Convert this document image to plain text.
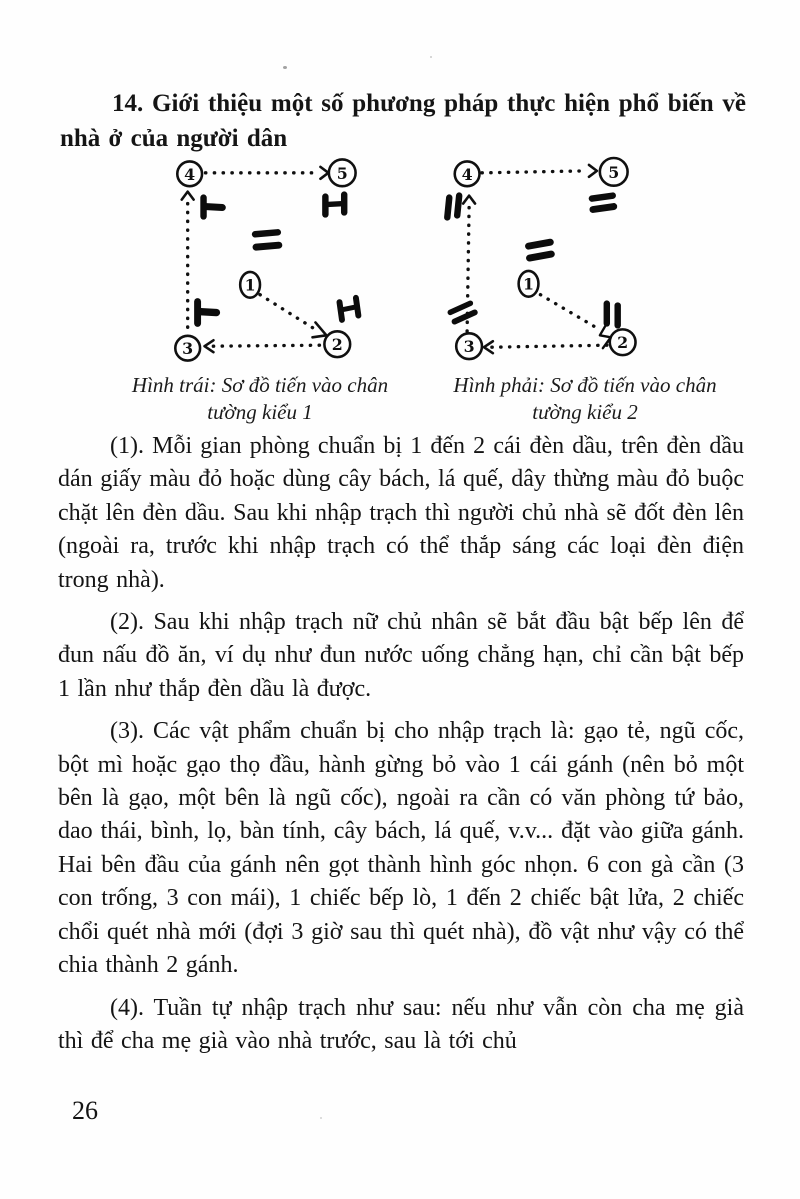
14. Giới thiệu một số phương pháp thực hiện phổ biến về nhà ở của người dân
4	5
1
3	2
Hình trái: Sơ đồ tiến vào chân
tường kiểu 1
4	5
1
3	2
Hình phải: Sơ đồ tiến vào chân
tường kiểu 2

(1). Mỗi gian phòng chuẩn bị 1 đến 2 cái đèn dầu, trên đèn dầu dán giấy màu đỏ hoặc dùng cây bách, lá quế, dây thừng màu đỏ buộc chặt lên đèn dầu. Sau khi nhập trạch thì người chủ nhà sẽ đốt đèn lên (ngoài ra, trước khi nhập trạch có thể thắp sáng các loại đèn điện trong nhà).

(2). Sau khi nhập trạch nữ chủ nhân sẽ bắt đầu bật bếp lên để đun nấu đồ ăn, ví dụ như đun nước uống chẳng hạn, chỉ cần bật bếp 1 lần như thắp đèn dầu là được.

(3). Các vật phẩm chuẩn bị cho nhập trạch là: gạo tẻ, ngũ cốc, bột mì hoặc gạo thọ đầu, hành gừng bỏ vào 1 cái gánh (nên bỏ một bên là gạo, một bên là ngũ cốc), ngoài ra cần có văn phòng tứ bảo, dao thái, bình, lọ, bàn tính, cây bách, lá quế, v.v... đặt vào giữa gánh. Hai bên đầu của gánh nên gọt thành hình góc nhọn. 6 con gà cần (3 con trống, 3 con mái), 1 chiếc bếp lò, 1 đến 2 chiếc bật lửa, 2 chiếc chổi quét nhà mới (đợi 3 giờ sau thì quét nhà), đồ vật như vậy có thể chia thành 2 gánh.

(4). Tuần tự nhập trạch như sau: nếu như vẫn còn cha mẹ già thì để cha mẹ già vào nhà trước, sau là tới chủ

26
